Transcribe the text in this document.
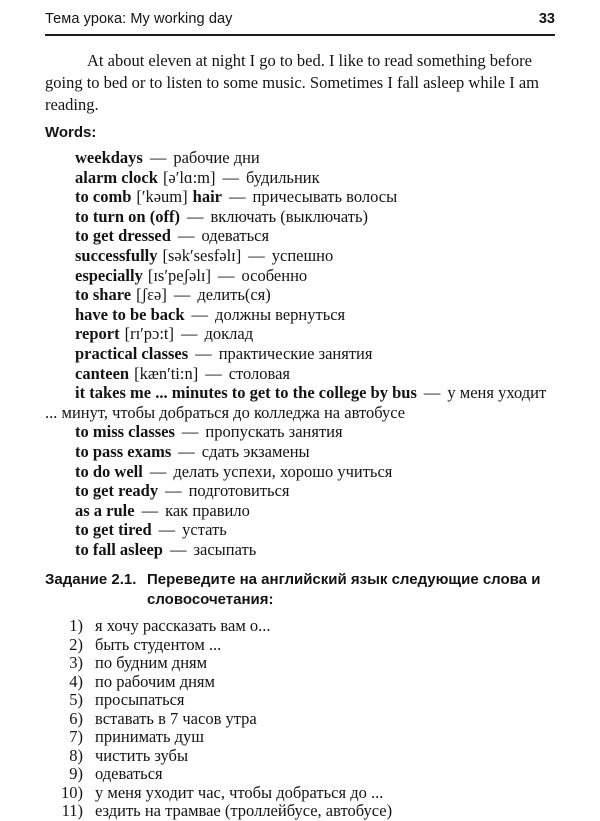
Тема урока: My working day	33

At about eleven at night I go to bed. I like to read something before going to bed or to listen to some music. Sometimes I fall asleep while I am reading.

Words:
weekdays — рабочие дни
alarm clock [ə′lɑ:m] — будильник
to comb [′kəum] hair — причесывать волосы
to turn on (off) — включать (выключать)
to get dressed — одеваться
successfully [sək′sesfəlɪ] — успешно
especially [ɪs′peʃəlɪ] — особенно
to share [ʃɛə] — делить(ся)
have to be back — должны вернуться
report [rɪ′pɔ:t] — доклад
practical classes — практические занятия
canteen [kæn′ti:n] — столовая
it takes me ... minutes to get to the college by bus — у меня уходит ... минут, чтобы добраться до колледжа на автобусе
to miss classes — пропускать занятия
to pass exams — сдать экзамены
to do well — делать успехи, хорошо учиться
to get ready — подготовиться
as a rule — как правило
to get tired — устать
to fall asleep — засыпать
Задание 2.1. Переведите на английский язык следующие слова и словосочетания:
1) я хочу рассказать вам о...
2) быть студентом ...
3) по будним дням
4) по рабочим дням
5) просыпаться
6) вставать в 7 часов утра
7) принимать душ
8) чистить зубы
9) одеваться
10) у меня уходит час, чтобы добраться до ...
11) ездить на трамвае (троллейбусе, автобусе)
